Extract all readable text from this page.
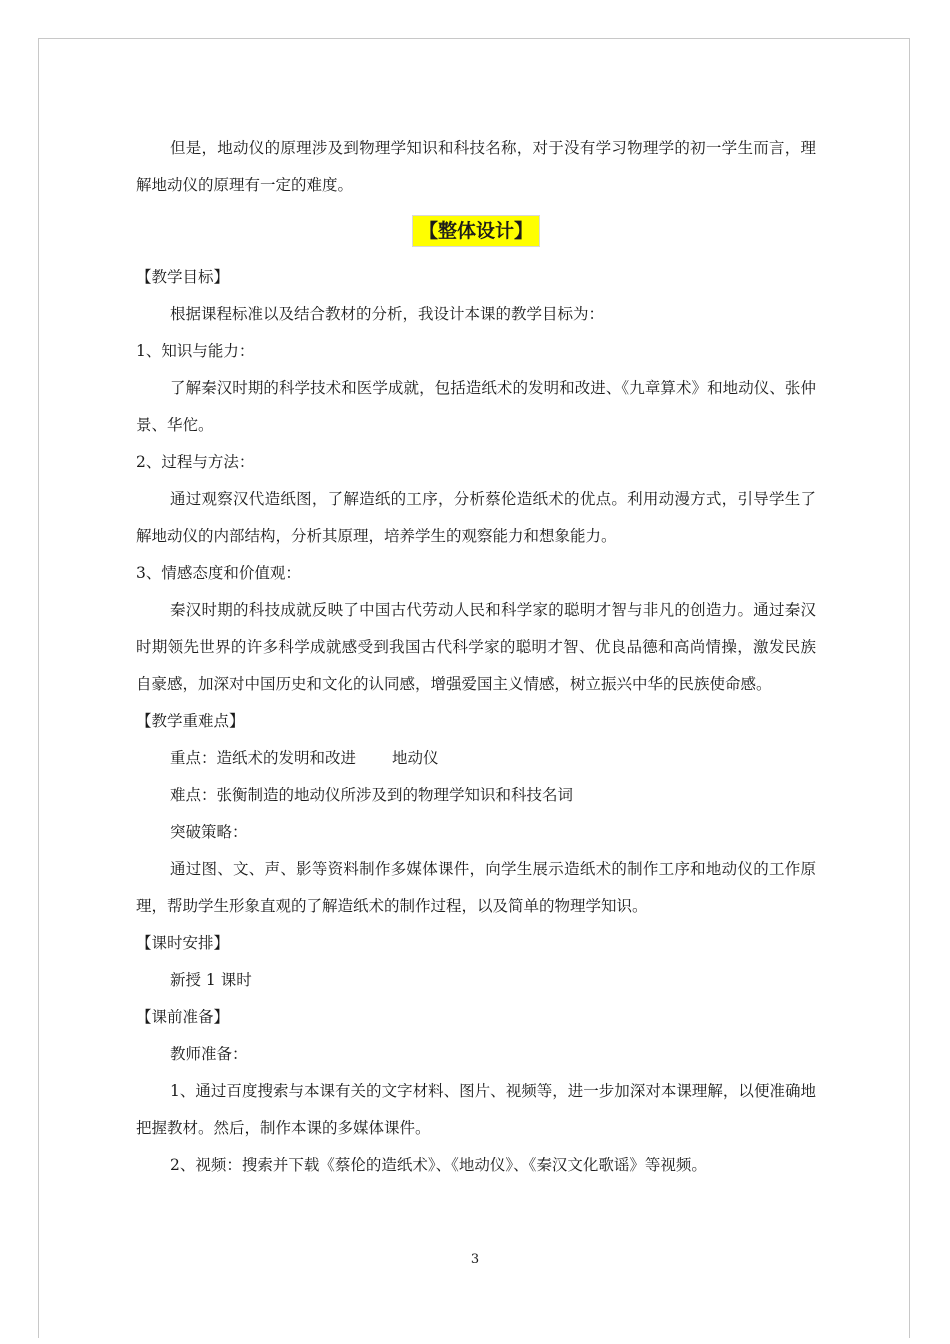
但是，地动仪的原理涉及到物理学知识和科技名称，对于没有学习物理学的初一学生而言，理解地动仪的原理有一定的难度。

【整体设计】

【教学目标】

根据课程标准以及结合教材的分析，我设计本课的教学目标为：

1、知识与能力：

了解秦汉时期的科学技术和医学成就，包括造纸术的发明和改进、《九章算术》和地动仪、张仲景、华佗。

2、过程与方法：

通过观察汉代造纸图，了解造纸的工序，分析蔡伦造纸术的优点。利用动漫方式，引导学生了解地动仪的内部结构，分析其原理，培养学生的观察能力和想象能力。

3、情感态度和价值观：

秦汉时期的科技成就反映了中国古代劳动人民和科学家的聪明才智与非凡的创造力。通过秦汉时期领先世界的许多科学成就感受到我国古代科学家的聪明才智、优良品德和高尚情操，激发民族自豪感，加深对中国历史和文化的认同感，增强爱国主义情感，树立振兴中华的民族使命感。

【教学重难点】

重点：造纸术的发明和改进 地动仪

难点：张衡制造的地动仪所涉及到的物理学知识和科技名词

突破策略：

通过图、文、声、影等资料制作多媒体课件，向学生展示造纸术的制作工序和地动仪的工作原理，帮助学生形象直观的了解造纸术的制作过程，以及简单的物理学知识。

【课时安排】

新授 1 课时

【课前准备】

教师准备：

1、通过百度搜索与本课有关的文字材料、图片、视频等，进一步加深对本课理解，以便准确地把握教材。然后，制作本课的多媒体课件。

2、视频：搜索并下载《蔡伦的造纸术》、《地动仪》、《秦汉文化歌谣》等视频。

3
